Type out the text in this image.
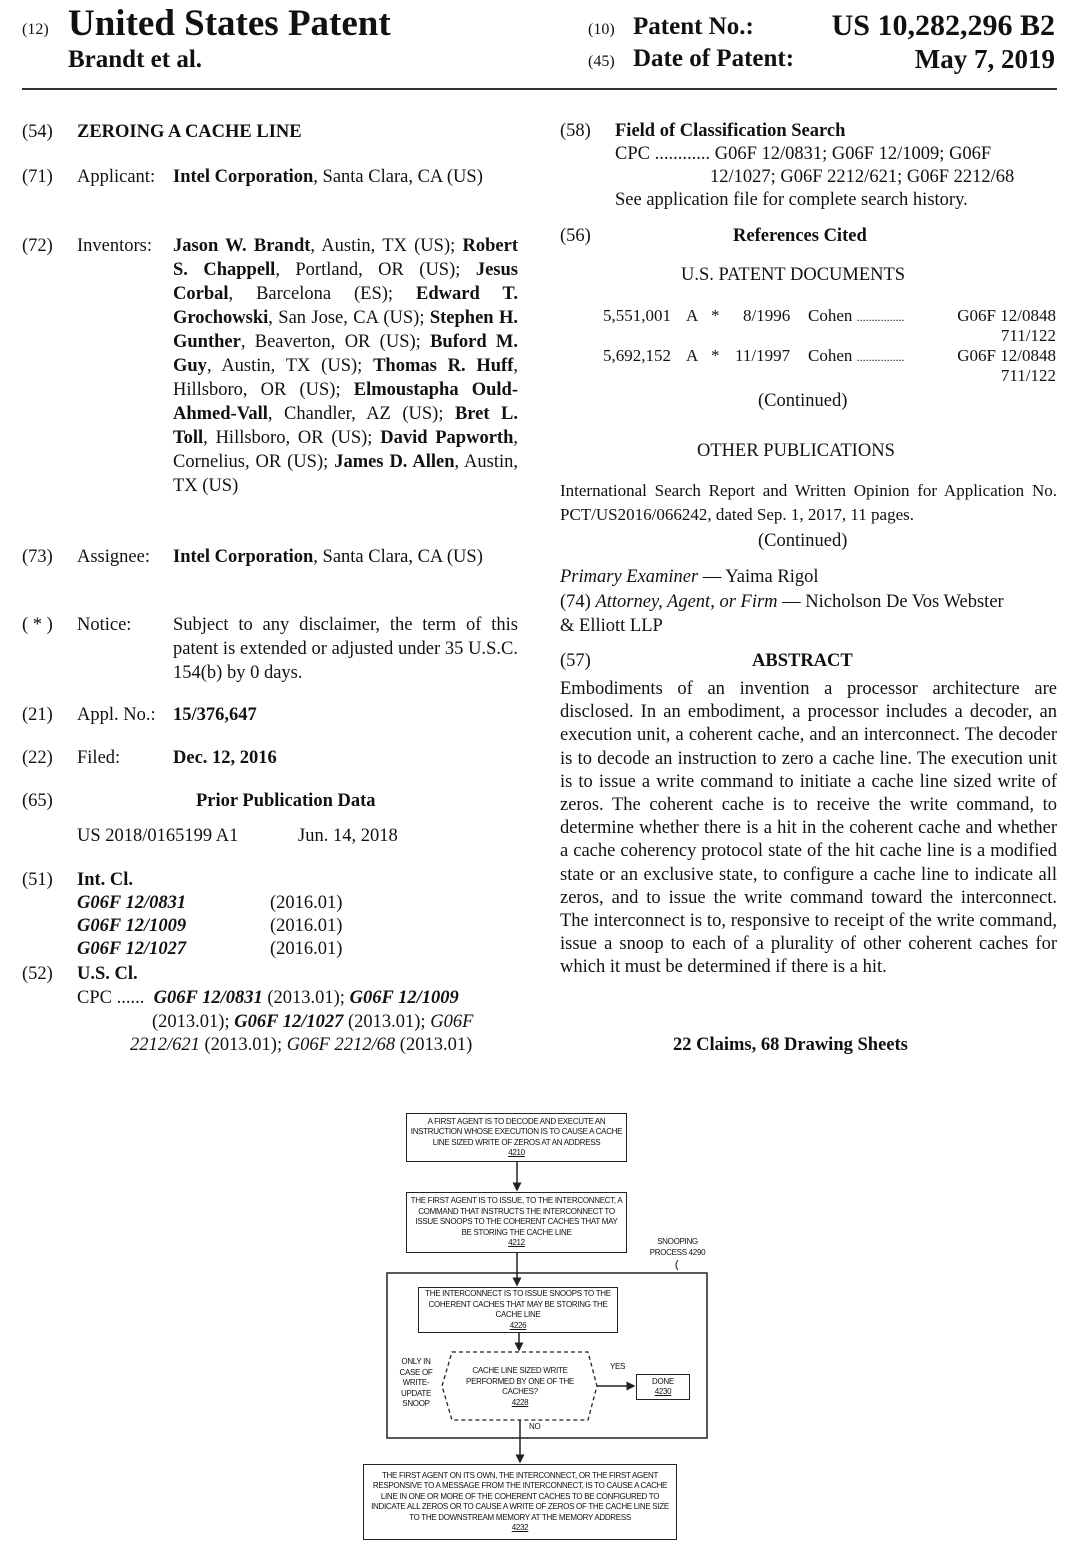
(12) United States Patent
Brandt et al.
(10) Patent No.:	US 10,282,296 B2
(45) Date of Patent:	May 7, 2019
(54) ZEROING A CACHE LINE
(71) Applicant: Intel Corporation, Santa Clara, CA (US)
(72) Inventors: Jason W. Brandt, Austin, TX (US); Robert S. Chappell, Portland, OR (US); Jesus Corbal, Barcelona (ES); Edward T. Grochowski, San Jose, CA (US); Stephen H. Gunther, Beaverton, OR (US); Buford M. Guy, Austin, TX (US); Thomas R. Huff, Hillsboro, OR (US); Elmoustapha Ould-Ahmed-Vall, Chandler, AZ (US); Bret L. Toll, Hillsboro, OR (US); David Papworth, Cornelius, OR (US); James D. Allen, Austin, TX (US)
(73) Assignee: Intel Corporation, Santa Clara, CA (US)
( * ) Notice: Subject to any disclaimer, the term of this patent is extended or adjusted under 35 U.S.C. 154(b) by 0 days.
(21) Appl. No.: 15/376,647
(22) Filed:	Dec. 12, 2016
(65)	Prior Publication Data
US 2018/0165199 A1	Jun. 14, 2018
(51) Int. Cl.
G06F 12/0831	(2016.01)
G06F 12/1009	(2016.01)
G06F 12/1027	(2016.01)
(52) U.S. Cl.
CPC ...... G06F 12/0831 (2013.01); G06F 12/1009
(2013.01); G06F 12/1027 (2013.01); G06F
2212/621 (2013.01); G06F 2212/68 (2013.01)
(58) Field of Classification Search
CPC ............ G06F 12/0831; G06F 12/1009; G06F
12/1027; G06F 2212/621; G06F 2212/68
See application file for complete search history.
(56)	References Cited
U.S. PATENT DOCUMENTS
5,551,001 A * 8/1996 Cohen ................	G06F 12/0848
711/122
5,692,152 A * 11/1997 Cohen ................	G06F 12/0848
711/122
(Continued)
OTHER PUBLICATIONS
International Search Report and Written Opinion for Application No. PCT/US2016/066242, dated Sep. 1, 2017, 11 pages.
(Continued)
Primary Examiner — Yaima Rigol
(74) Attorney, Agent, or Firm — Nicholson De Vos Webster & Elliott LLP
(57)	ABSTRACT
Embodiments of an invention a processor architecture are disclosed. In an embodiment, a processor includes a decoder, an execution unit, a coherent cache, and an interconnect. The decoder is to decode an instruction to zero a cache line. The execution unit is to issue a write command to initiate a cache line sized write of zeros. The coherent cache is to receive the write command, to determine whether there is a hit in the coherent cache and whether a cache coherency protocol state of the hit cache line is a modified state or an exclusive state, to configure a cache line to indicate all zeros, and to issue the write command toward the interconnect. The interconnect is to, responsive to receipt of the write command, issue a snoop to each of a plurality of other coherent caches for which it must be determined if there is a hit.
22 Claims, 68 Drawing Sheets
A FIRST AGENT IS TO DECODE AND EXECUTE AN INSTRUCTION WHOSE EXECUTION IS TO CAUSE A CACHE LINE SIZED WRITE OF ZEROS AT AN ADDRESS
4210
THE FIRST AGENT IS TO ISSUE, TO THE INTERCONNECT, A COMMAND THAT INSTRUCTS THE INTERCONNECT TO ISSUE SNOOPS TO THE COHERENT CACHES THAT MAY BE STORING THE CACHE LINE
4212	SNOOPING PROCESS 4290
THE INTERCONNECT IS TO ISSUE SNOOPS TO THE COHERENT CACHES THAT MAY BE STORING THE CACHE LINE
4226
ONLY IN CASE OF WRITE-UPDATE SNOOP
CACHE LINE SIZED WRITE PERFORMED BY ONE OF THE CACHES?
4228
YES
DONE
4230
NO
THE FIRST AGENT ON ITS OWN, THE INTERCONNECT, OR THE FIRST AGENT RESPONSIVE TO A MESSAGE FROM THE INTERCONNECT, IS TO CAUSE A CACHE LINE IN ONE OR MORE OF THE COHERENT CACHES TO BE CONFIGURED TO INDICATE ALL ZEROS OR TO CAUSE A WRITE OF ZEROS OF THE CACHE LINE SIZE TO THE DOWNSTREAM MEMORY AT THE MEMORY ADDRESS
4232
